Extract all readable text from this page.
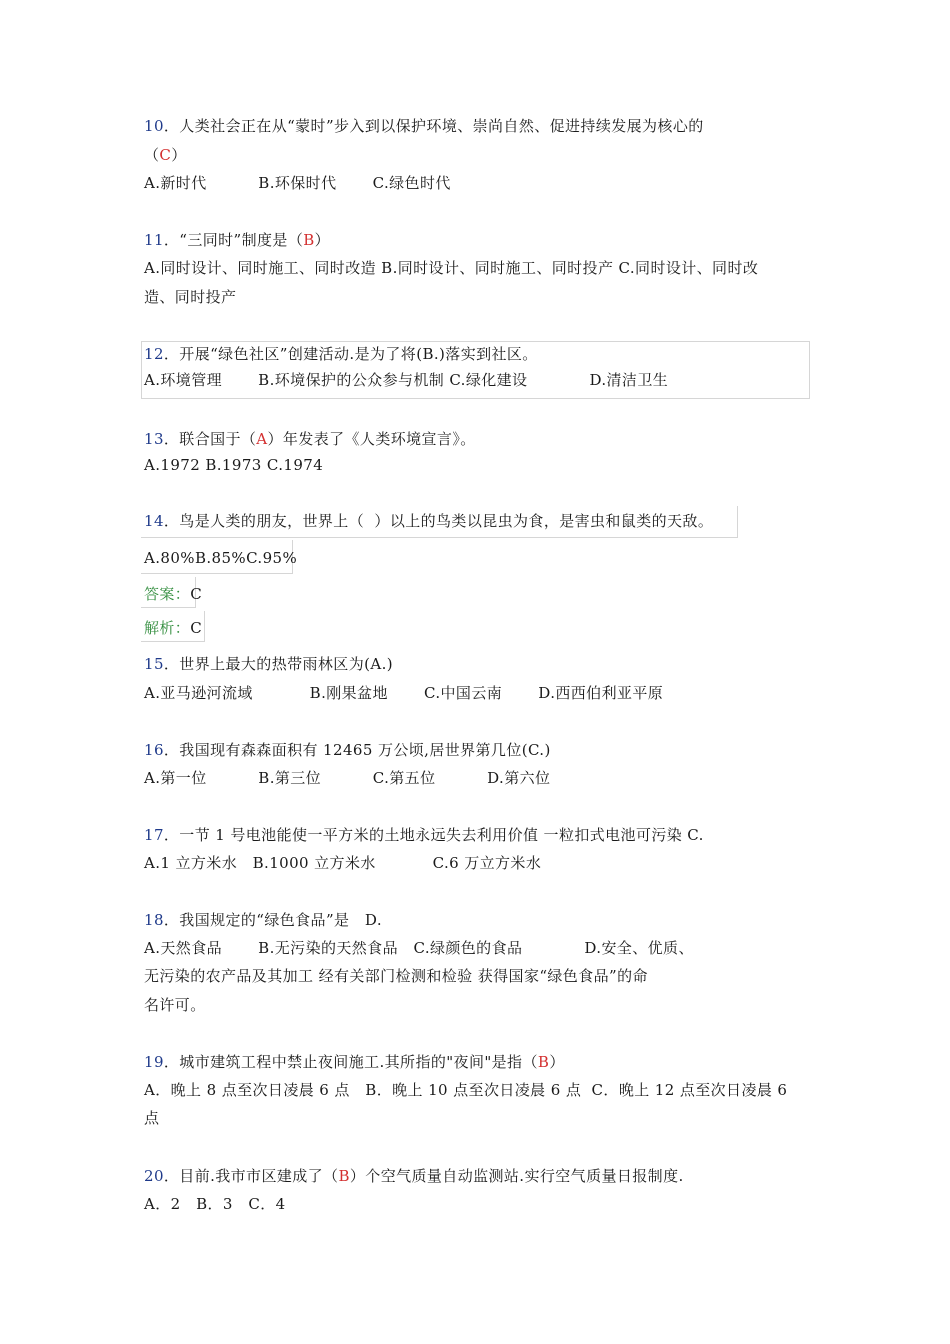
10．人类社会正在从“蒙时”步入到以保护环境、崇尚自然、促进持续发展为核心的
（C）
A.新时代          B.环保时代       C.绿色时代
11．“三同时”制度是（B）
A.同时设计、同时施工、同时改造 B.同时设计、同时施工、同时投产 C.同时设计、同时改
造、同时投产
12．开展“绿色社区”创建活动.是为了将(B.)落实到社区。
A.环境管理       B.环境保护的公众参与机制 C.绿化建设            D.清洁卫生
13．联合国于（A）年发表了《人类环境宣言》。
A.1972 B.1973 C.1974
14．鸟是人类的朋友，世界上（  ）以上的鸟类以昆虫为食，是害虫和鼠类的天敌。
A.80%B.85%C.95%
答案：C
解析：C
15．世界上最大的热带雨林区为(A.)
A.亚马逊河流域           B.刚果盆地       C.中国云南       D.西西伯利亚平原
16．我国现有森森面积有 12465 万公顷,居世界第几位(C.)
A.第一位          B.第三位          C.第五位          D.第六位
17．一节 1 号电池能使一平方米的土地永远失去利用价值 一粒扣式电池可污染 C.
A.1 立方米水   B.1000 立方米水           C.6 万立方米水
18．我国规定的“绿色食品”是   D.
A.天然食品       B.无污染的天然食品   C.绿颜色的食品            D.安全、优质、
无污染的农产品及其加工 经有关部门检测和检验 获得国家“绿色食品”的命
名许可。
19．城市建筑工程中禁止夜间施工.其所指的"夜间"是指（B）
A．晚上 8 点至次日凌晨 6 点   B．晚上 10 点至次日凌晨 6 点  C．晚上 12 点至次日凌晨 6
点
20．目前.我市市区建成了（B）个空气质量自动监测站.实行空气质量日报制度.
A．2   B．3   C．4
